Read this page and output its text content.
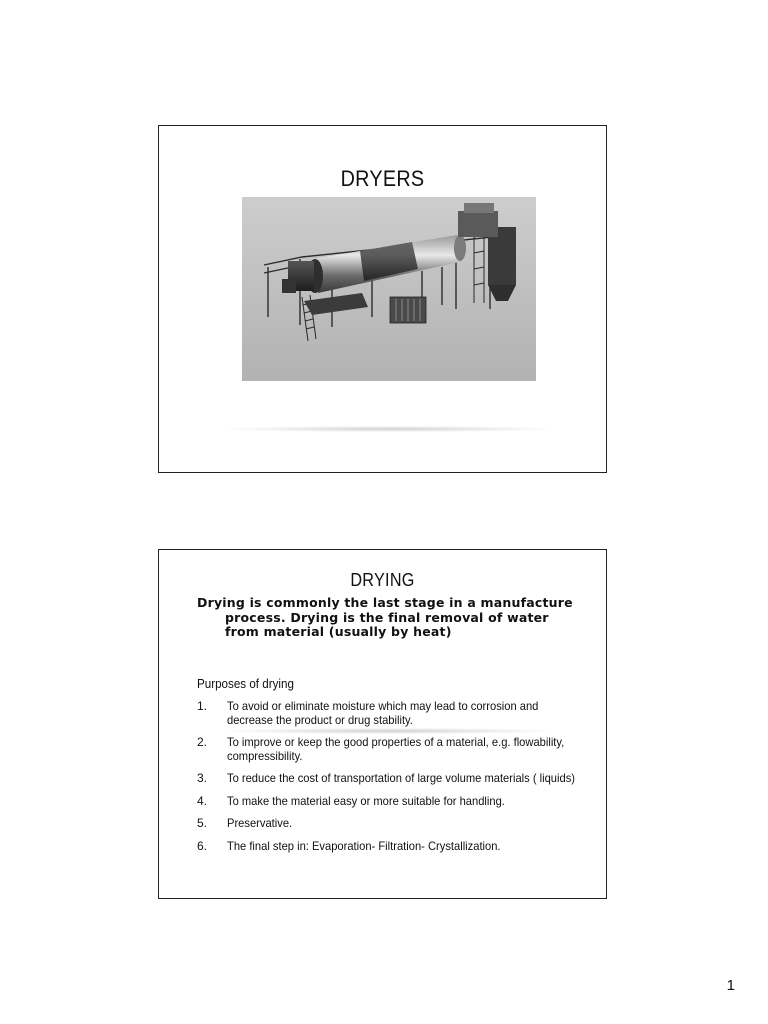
DRYERS
DRYING

Drying is commonly the last stage in a manufacture process. Drying is the final removal of water from material (usually by heat)

Purposes of drying

1. To avoid or eliminate moisture which may lead to corrosion and decrease the product or drug stability.
2. To improve or keep the good properties of a material, e.g. flowability, compressibility.
3. To reduce the cost of transportation of large volume materials ( liquids)
4. To make the material easy or more suitable for handling.
5. Preservative.
6. The final step in: Evaporation- Filtration- Crystallization.
1
